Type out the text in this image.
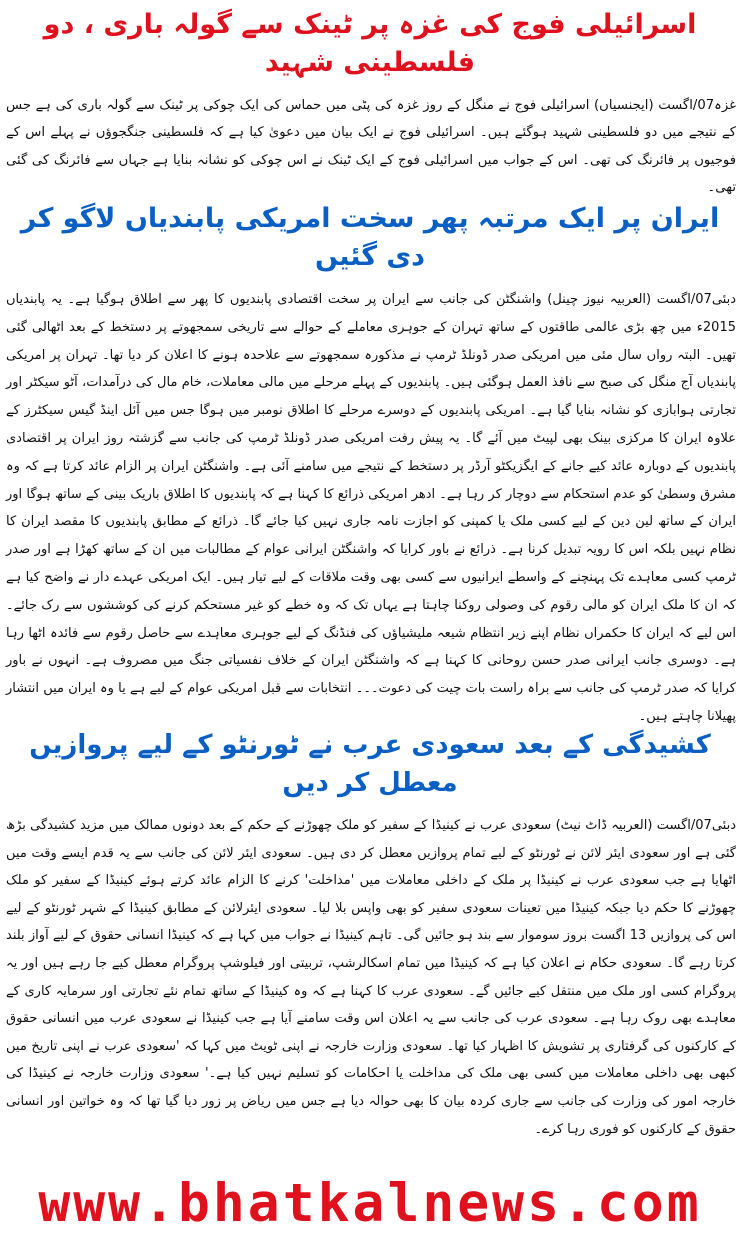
اسرائیلی فوج کی غزہ پر ٹینک سے گولہ باری ، دو فلسطینی شہید

غزہ07/اگست (ایجنسیاں) اسرائیلی فوج نے منگل کے روز غزہ کی پٹی میں حماس کی ایک چوکی پر ٹینک سے گولہ باری کی ہے جس کے نتیجے میں دو فلسطینی شہید ہوگئے ہیں۔ اسرائیلی فوج نے ایک بیان میں دعویٰ کیا ہے کہ فلسطینی جنگجوؤں نے پہلے اس کے فوجیوں پر فائرنگ کی تھی۔ اس کے جواب میں اسرائیلی فوج کے ایک ٹینک نے اس چوکی کو نشانہ بنایا ہے جہاں سے فائرنگ کی گئی تھی۔

ایران پر ایک مرتبہ پھر سخت امریکی پابندیاں لاگو کر دی گئیں

دبئی07/اگست (العربیہ نیوز چینل) واشنگٹن کی جانب سے ایران پر سخت اقتصادی پابندیوں کا پھر سے اطلاق ہوگیا ہے۔ یہ پابندیاں 2015ء میں چھ بڑی عالمی طاقتوں کے ساتھ تہران کے جوہری معاملے کے حوالے سے تاریخی سمجھوتے پر دستخط کے بعد اٹھالی گئی تھیں۔ البتہ رواں سال مئی میں امریکی صدر ڈونلڈ ٹرمپ نے مذکورہ سمجھوتے سے علاحدہ ہونے کا اعلان کر دیا تھا۔ تہران پر امریکی پابندیاں آج منگل کی صبح سے نافذ العمل ہوگئی ہیں۔ پابندیوں کے پہلے مرحلے میں مالی معاملات، خام مال کی درآمدات، آٹو سیکٹر اور تجارتی ہوابازی کو نشانہ بنایا گیا ہے۔ امریکی پابندیوں کے دوسرے مرحلے کا اطلاق نومبر میں ہوگا جس میں آئل اینڈ گیس سیکٹرز کے علاوہ ایران کا مرکزی بینک بھی لپیٹ میں آئے گا۔ یہ پیش رفت امریکی صدر ڈونلڈ ٹرمپ کی جانب سے گزشتہ روز ایران پر اقتصادی پابندیوں کے دوبارہ عائد کیے جانے کے ایگزیکٹو آرڈر پر دستخط کے نتیجے میں سامنے آئی ہے۔ واشنگٹن ایران پر الزام عائد کرتا ہے کہ وہ مشرق وسطیٰ کو عدم استحکام سے دوچار کر رہا ہے۔ ادھر امریکی ذرائع کا کہنا ہے کہ پابندیوں کا اطلاق باریک بینی کے ساتھ ہوگا اور ایران کے ساتھ لین دین کے لیے کسی ملک یا کمپنی کو اجازت نامہ جاری نہیں کیا جائے گا۔ ذرائع کے مطابق پابندیوں کا مقصد ایران کا نظام نہیں بلکہ اس کا رویہ تبدیل کرنا ہے۔ ذرائع نے باور کرایا کہ واشنگٹن ایرانی عوام کے مطالبات میں ان کے ساتھ کھڑا ہے اور صدر ٹرمپ کسی معاہدے تک پہنچنے کے واسطے ایرانیوں سے کسی بھی وقت ملاقات کے لیے تیار ہیں۔ ایک امریکی عہدے دار نے واضح کیا ہے کہ ان کا ملک ایران کو مالی رقوم کی وصولی روکنا چاہتا ہے یہاں تک کہ وہ خطے کو غیر مستحکم کرنے کی کوششوں سے رک جائے۔ اس لیے کہ ایران کا حکمراں نظام اپنے زیر انتظام شیعہ ملیشیاؤں کی فنڈنگ کے لیے جوہری معاہدے سے حاصل رقوم سے فائدہ اٹھا رہا ہے۔ دوسری جانب ایرانی صدر حسن روحانی کا کہنا ہے کہ واشنگٹن ایران کے خلاف نفسیاتی جنگ میں مصروف ہے۔ انہوں نے باور کرایا کہ صدر ٹرمپ کی جانب سے براہ راست بات چیت کی دعوت۔۔۔ انتخابات سے قبل امریکی عوام کے لیے ہے یا وہ ایران میں انتشار پھیلانا چاہتے ہیں۔

کشیدگی کے بعد سعودی عرب نے ٹورنٹو کے لیے پروازیں معطل کر دیں

دبئی07/اگست (العربیہ ڈاٹ نیٹ) سعودی عرب نے کینیڈا کے سفیر کو ملک چھوڑنے کے حکم کے بعد دونوں ممالک میں مزید کشیدگی بڑھ گئی ہے اور سعودی ایئر لائن نے ٹورنٹو کے لیے تمام پروازیں معطل کر دی ہیں۔ سعودی ایئر لائن کی جانب سے یہ قدم ایسے وقت میں اٹھایا ہے جب سعودی عرب نے کینیڈا پر ملک کے داخلی معاملات میں 'مداخلت' کرنے کا الزام عائد کرتے ہوئے کینیڈا کے سفیر کو ملک چھوڑنے کا حکم دیا جبکہ کینیڈا میں تعینات سعودی سفیر کو بھی واپس بلا لیا۔ سعودی ایئرلائن کے مطابق کینیڈا کے شہر ٹورنٹو کے لیے اس کی پروازیں 13 اگست بروز سوموار سے بند ہو جائیں گی۔ تاہم کینیڈا نے جواب میں کہا ہے کہ کینیڈا انسانی حقوق کے لیے آواز بلند کرتا رہے گا۔ سعودی حکام نے اعلان کیا ہے کہ کینیڈا میں تمام اسکالرشپ، تربیتی اور فیلوشپ پروگرام معطل کیے جا رہے ہیں اور یہ پروگرام کسی اور ملک میں منتقل کیے جائیں گے۔ سعودی عرب کا کہنا ہے کہ وہ کینیڈا کے ساتھ تمام نئے تجارتی اور سرمایہ کاری کے معاہدے بھی روک رہا ہے۔ سعودی عرب کی جانب سے یہ اعلان اس وقت سامنے آیا ہے جب کینیڈا نے سعودی عرب میں انسانی حقوق کے کارکنوں کی گرفتاری پر تشویش کا اظہار کیا تھا۔ سعودی وزارت خارجہ نے اپنی ٹویٹ میں کہا کہ 'سعودی عرب نے اپنی تاریخ میں کبھی بھی داخلی معاملات میں کسی بھی ملک کی مداخلت یا احکامات کو تسلیم نہیں کیا ہے۔' سعودی وزارت خارجہ نے کینیڈا کی خارجہ امور کی وزارت کی جانب سے جاری کردہ بیان کا بھی حوالہ دیا ہے جس میں ریاض پر زور دیا گیا تھا کہ وہ خواتین اور انسانی حقوق کے کارکنوں کو فوری رہا کرے۔

www.bhatkalnews.com
